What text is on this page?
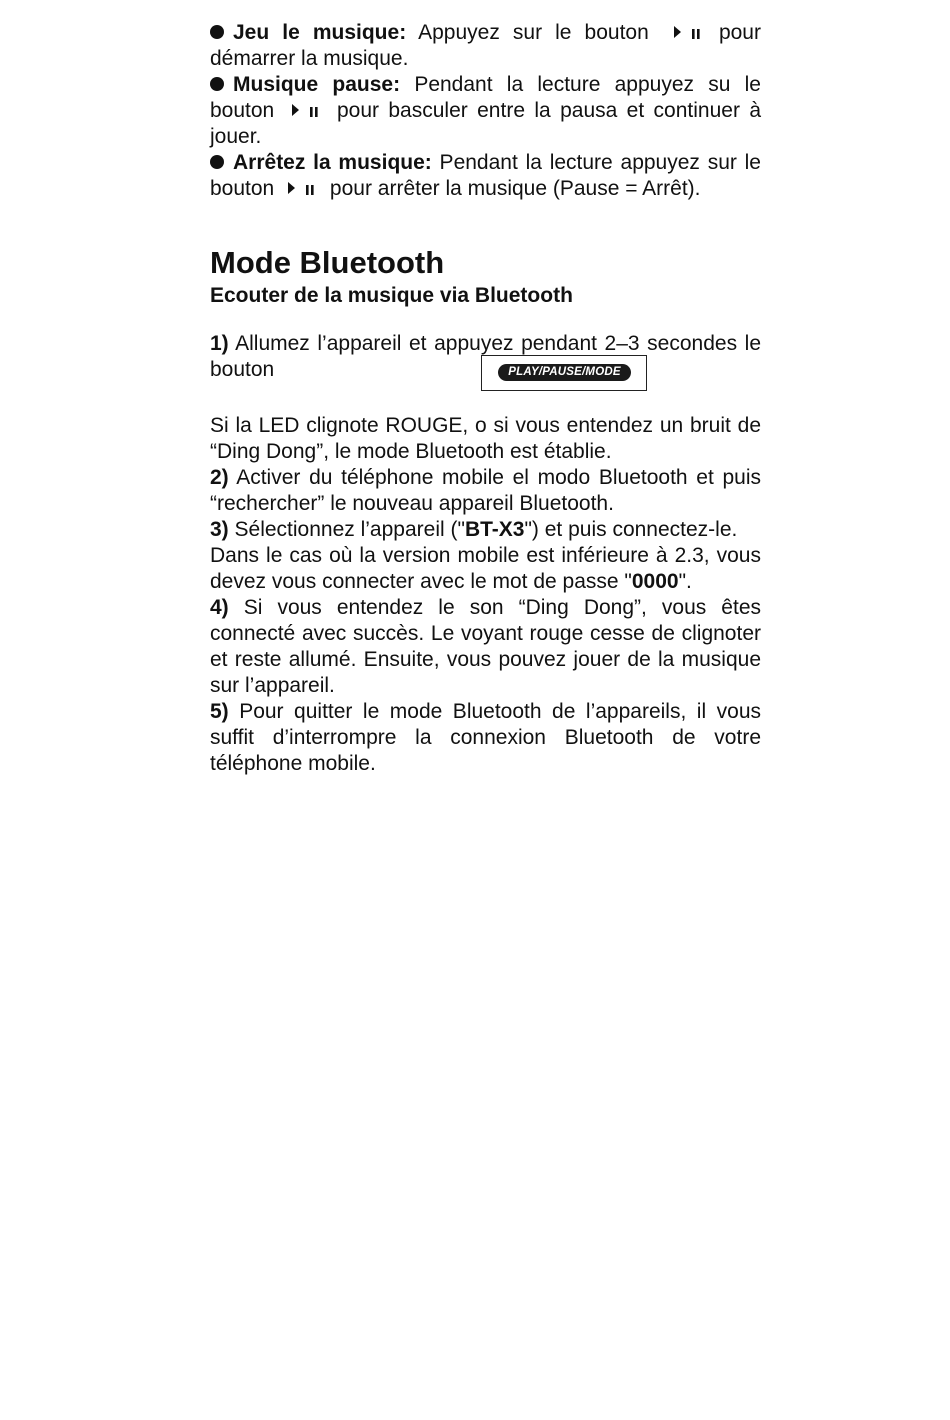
Jeu le musique: Appuyez sur le bouton	pour démarrer la musique.

Musique pause: Pendant la lecture appuyez su le bouton	pour basculer entre la pausa et continuer à jouer.

Arrêtez la musique: Pendant la lecture appuyez sur le bouton
pour arrêter la musique (Pause = Arrêt).

Mode Bluetooth
Ecouter de la musique via Bluetooth

1) Allumez l’appareil et appuyez pendant 2–3 secondes le bouton	PLAY/PAUSE/MODE

Si la LED clignote ROUGE, o si vous entendez un bruit de “Ding Dong”, le mode Bluetooth est établie.

2) Activer du téléphone mobile el modo Bluetooth et puis “rechercher” le nouveau appareil Bluetooth.

3) Sélectionnez l’appareil ("BT-X3") et puis connectez-le.

Dans le cas où la version mobile est inférieure à 2.3, vous devez vous connecter avec le mot de passe "0000".

4) Si vous entendez le son “Ding Dong”, vous êtes connecté avec succès. Le voyant rouge cesse de clignoter et reste allumé. Ensuite, vous pouvez jouer de la musique sur l’appareil.

5) Pour quitter le mode Bluetooth de l’appareils, il vous suffit d’interrompre la connexion Bluetooth de votre téléphone mobile.
